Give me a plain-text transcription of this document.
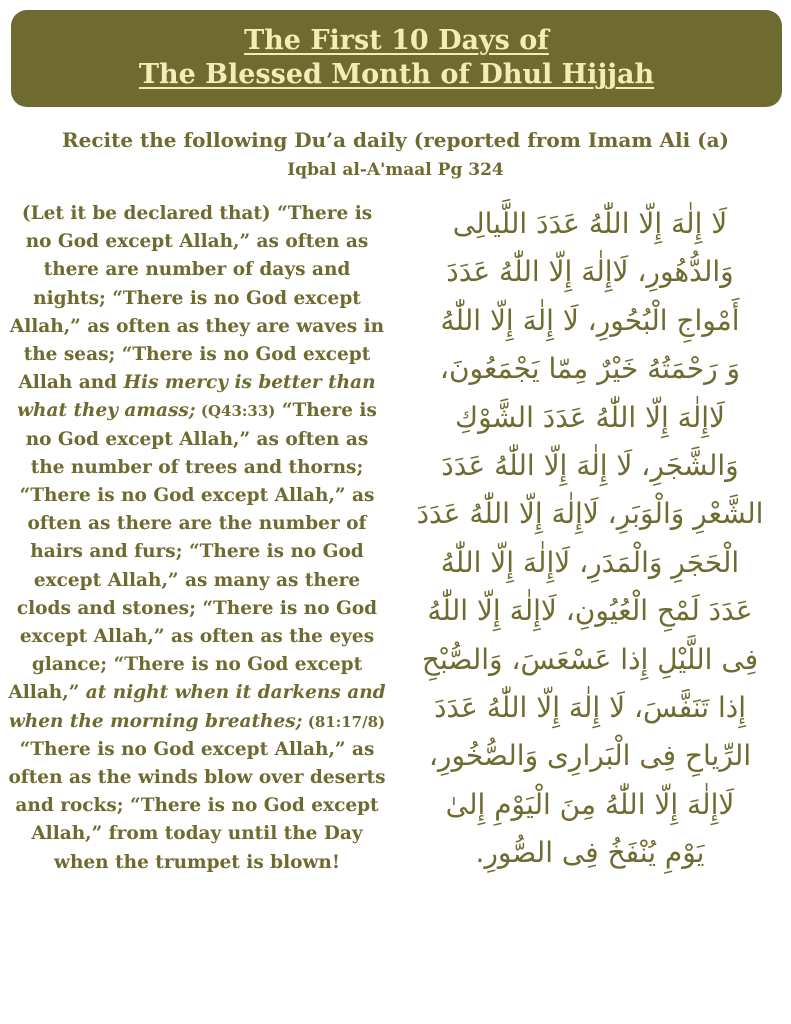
The First 10 Days of
The Blessed Month of Dhul Hijjah
Recite the following Du’a daily (reported from Imam Ali (a)
Iqbal al-A'maal Pg 324
(Let it be declared that) “There is no God except Allah,” as often as there are number of days and nights; “There is no God except Allah,” as often as they are waves in the seas; “There is no God except Allah and His mercy is better than what they amass; (Q43:33) “There is no God except Allah,” as often as the number of trees and thorns; “There is no God except Allah,” as often as there are the number of hairs and furs; “There is no God except Allah,” as many as there clods and stones; “There is no God except Allah,” as often as the eyes glance; “There is no God except Allah,” at night when it darkens and when the morning breathes; (81:17/8) “There is no God except Allah,” as often as the winds blow over deserts and rocks; “There is no God except Allah,” from today until the Day when the trumpet is blown!
لَا إِلٰهَ إِلّا اللّٰهُ عَدَدَ اللَّيالِى
وَالدُّهُورِ، لَاإِلٰهَ إِلّا اللّٰهُ عَدَدَ
أَمْواجِ الْبُحُورِ، لَا إِلٰهَ إِلّا اللّٰهُ
وَ رَحْمَتُهُ خَيْرٌ مِمّا يَجْمَعُونَ،
لَاإِلٰهَ إِلّا اللّٰهُ عَدَدَ الشَّوْكِ
وَالشَّجَرِ، لَا إِلٰهَ إِلّا اللّٰهُ عَدَدَ
الشَّعْرِ وَالْوَبَرِ، لَاإِلٰهَ إِلّا اللّٰهُ عَدَدَ
الْحَجَرِ وَالْمَدَرِ، لَاإِلٰهَ إِلّا اللّٰهُ
عَدَدَ لَمْحِ الْعُيُونِ، لَاإِلٰهَ إِلّا اللّٰهُ
فِى اللَّيْلِ إِذا عَسْعَسَ، وَالصُّبْحِ
إِذا تَنَفَّسَ، لَا إِلٰهَ إِلّا اللّٰهُ عَدَدَ
الرِّياحِ فِى الْبَرارِى وَالصُّخُورِ،
لَاإِلٰهَ إِلّا اللّٰهُ مِنَ الْيَوْمِ إِلىٰ
يَوْمِ يُنْفَخُ فِى الصُّورِ.
